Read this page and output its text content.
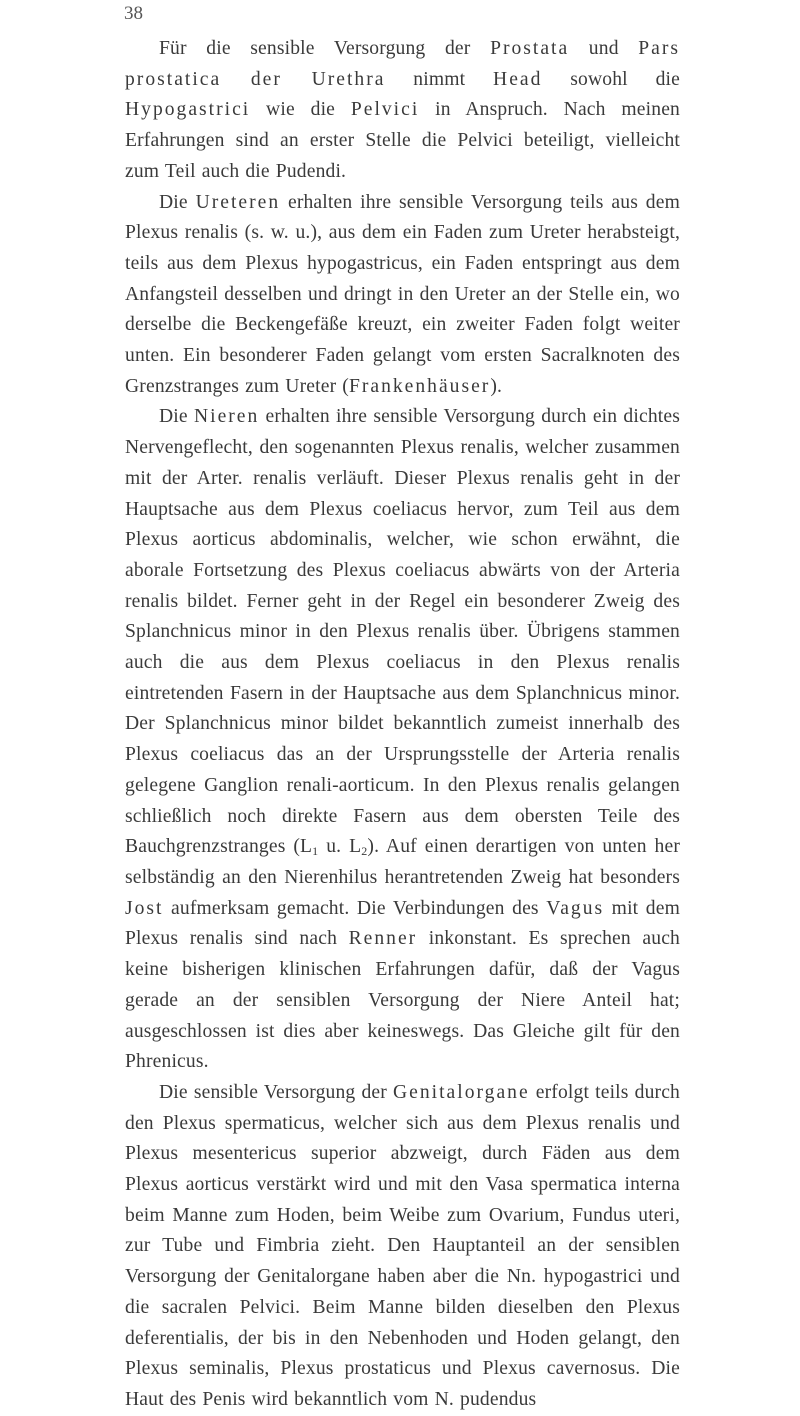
38

Für die sensible Versorgung der Prostata und Pars prostatica der Urethra nimmt Head sowohl die Hypogastrici wie die Pelvici in Anspruch. Nach meinen Erfahrungen sind an erster Stelle die Pelvici beteiligt, vielleicht zum Teil auch die Pudendi.

Die Ureteren erhalten ihre sensible Versorgung teils aus dem Plexus renalis (s. w. u.), aus dem ein Faden zum Ureter herabsteigt, teils aus dem Plexus hypogastricus, ein Faden entspringt aus dem Anfangsteil desselben und dringt in den Ureter an der Stelle ein, wo derselbe die Beckengefäße kreuzt, ein zweiter Faden folgt weiter unten. Ein besonderer Faden gelangt vom ersten Sacralknoten des Grenzstranges zum Ureter (Frankenhäuser).

Die Nieren erhalten ihre sensible Versorgung durch ein dichtes Nervengeflecht, den sogenannten Plexus renalis, welcher zusammen mit der Arter. renalis verläuft. Dieser Plexus renalis geht in der Hauptsache aus dem Plexus coeliacus hervor, zum Teil aus dem Plexus aorticus abdominalis, welcher, wie schon erwähnt, die aborale Fortsetzung des Plexus coeliacus abwärts von der Arteria renalis bildet. Ferner geht in der Regel ein besonderer Zweig des Splanchnicus minor in den Plexus renalis über. Übrigens stammen auch die aus dem Plexus coeliacus in den Plexus renalis eintretenden Fasern in der Hauptsache aus dem Splanchnicus minor. Der Splanchnicus minor bildet bekanntlich zumeist innerhalb des Plexus coeliacus das an der Ursprungsstelle der Arteria renalis gelegene Ganglion renali-aorticum. In den Plexus renalis gelangen schließlich noch direkte Fasern aus dem obersten Teile des Bauchgrenzstranges ($L_1$ u. $L_2$). Auf einen derartigen von unten her selbständig an den Nierenhilus herantretenden Zweig hat besonders Jost aufmerksam gemacht. Die Verbindungen des Vagus mit dem Plexus renalis sind nach Renner inkonstant. Es sprechen auch keine bisherigen klinischen Erfahrungen dafür, daß der Vagus gerade an der sensiblen Versorgung der Niere Anteil hat; ausgeschlossen ist dies aber keineswegs. Das Gleiche gilt für den Phrenicus.

Die sensible Versorgung der Genitalorgane erfolgt teils durch den Plexus spermaticus, welcher sich aus dem Plexus renalis und Plexus mesentericus superior abzweigt, durch Fäden aus dem Plexus aorticus verstärkt wird und mit den Vasa spermatica interna beim Manne zum Hoden, beim Weibe zum Ovarium, Fundus uteri, zur Tube und Fimbria zieht. Den Hauptanteil an der sensiblen Versorgung der Genitalorgane haben aber die Nn. hypogastrici und die sacralen Pelvici. Beim Manne bilden dieselben den Plexus deferentialis, der bis in den Nebenhoden und Hoden gelangt, den Plexus seminalis, Plexus prostaticus und Plexus cavernosus. Die Haut des Penis wird bekanntlich vom N. pudendus
